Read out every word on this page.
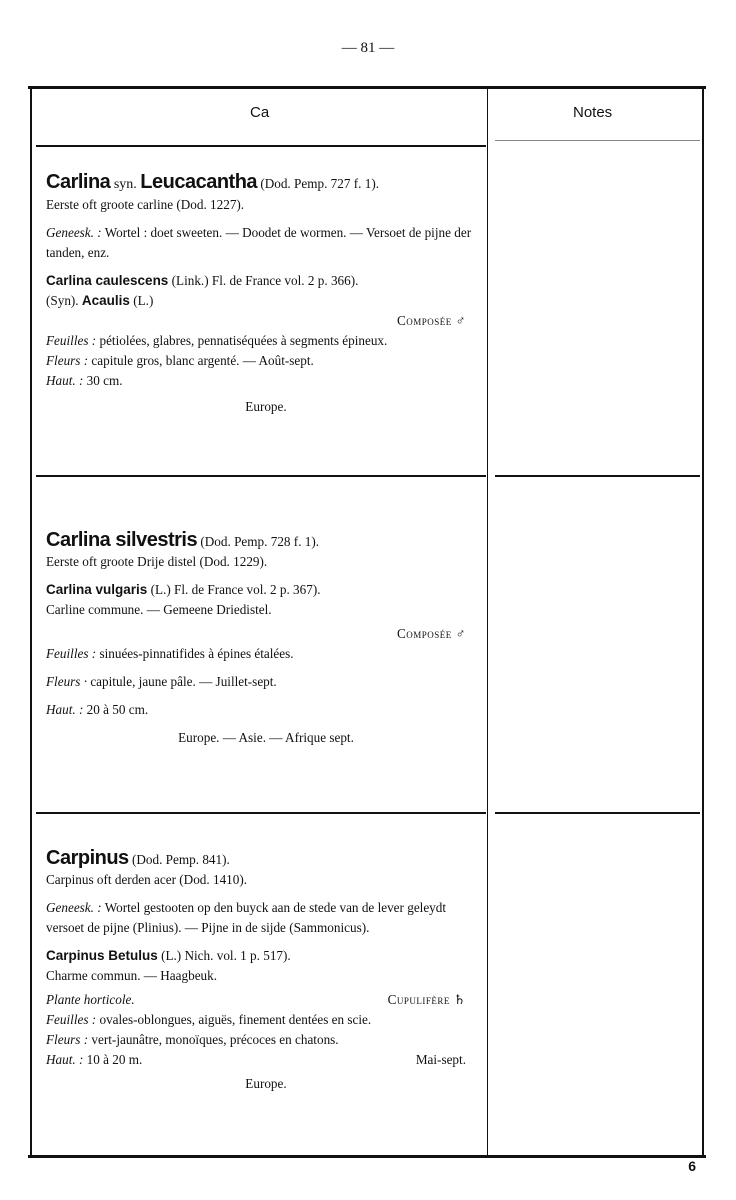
— 81 —
Ca	Notes
Carlina syn. Leucacantha (Dod. Pemp. 727 f. 1).
Eerste oft groote carline (Dod. 1227).
Geneesk. : Wortel : doet sweeten. — Doodet de wormen. — Versoet de pijne der tanden, enz.
Carlina caulescens (Link.) Fl. de France vol. 2 p. 366).
(Syn). Acaulis (L.)
Composée ♂
Feuilles : pétiolées, glabres, pennatiséquées à segments épineux.
Fleurs : capitule gros, blanc argenté. — Août-sept.
Haut. : 30 cm.
Europe.
Carlina silvestris (Dod. Pemp. 728 f. 1).
Eerste oft groote Drije distel (Dod. 1229).
Carlina vulgaris (L.) Fl. de France vol. 2 p. 367).
Carline commune. — Gemeene Driedistel.
Composée ♂
Feuilles : sinuées-pinnatifides à épines étalées.
Fleurs · capitule, jaune pâle. — Juillet-sept.
Haut. : 20 à 50 cm.
Europe. — Asie. — Afrique sept.
Carpinus (Dod. Pemp. 841).
Carpinus oft derden acer (Dod. 1410).
Geneesk. : Wortel gestooten op den buyck aan de stede van de lever geleydt versoet de pijne (Plinius). — Pijne in de sijde (Sammonicus).
Carpinus Betulus (L.) Nich. vol. 1 p. 517).
Charme commun. — Haagbeuk.
Plante horticole.	Cupulifère ♄
Feuilles : ovales-oblongues, aiguës, finement dentées en scie.
Fleurs : vert-jaunâtre, monoïques, précoces en chatons.
Haut. : 10 à 20 m.	Mai-sept.
Europe.
6
